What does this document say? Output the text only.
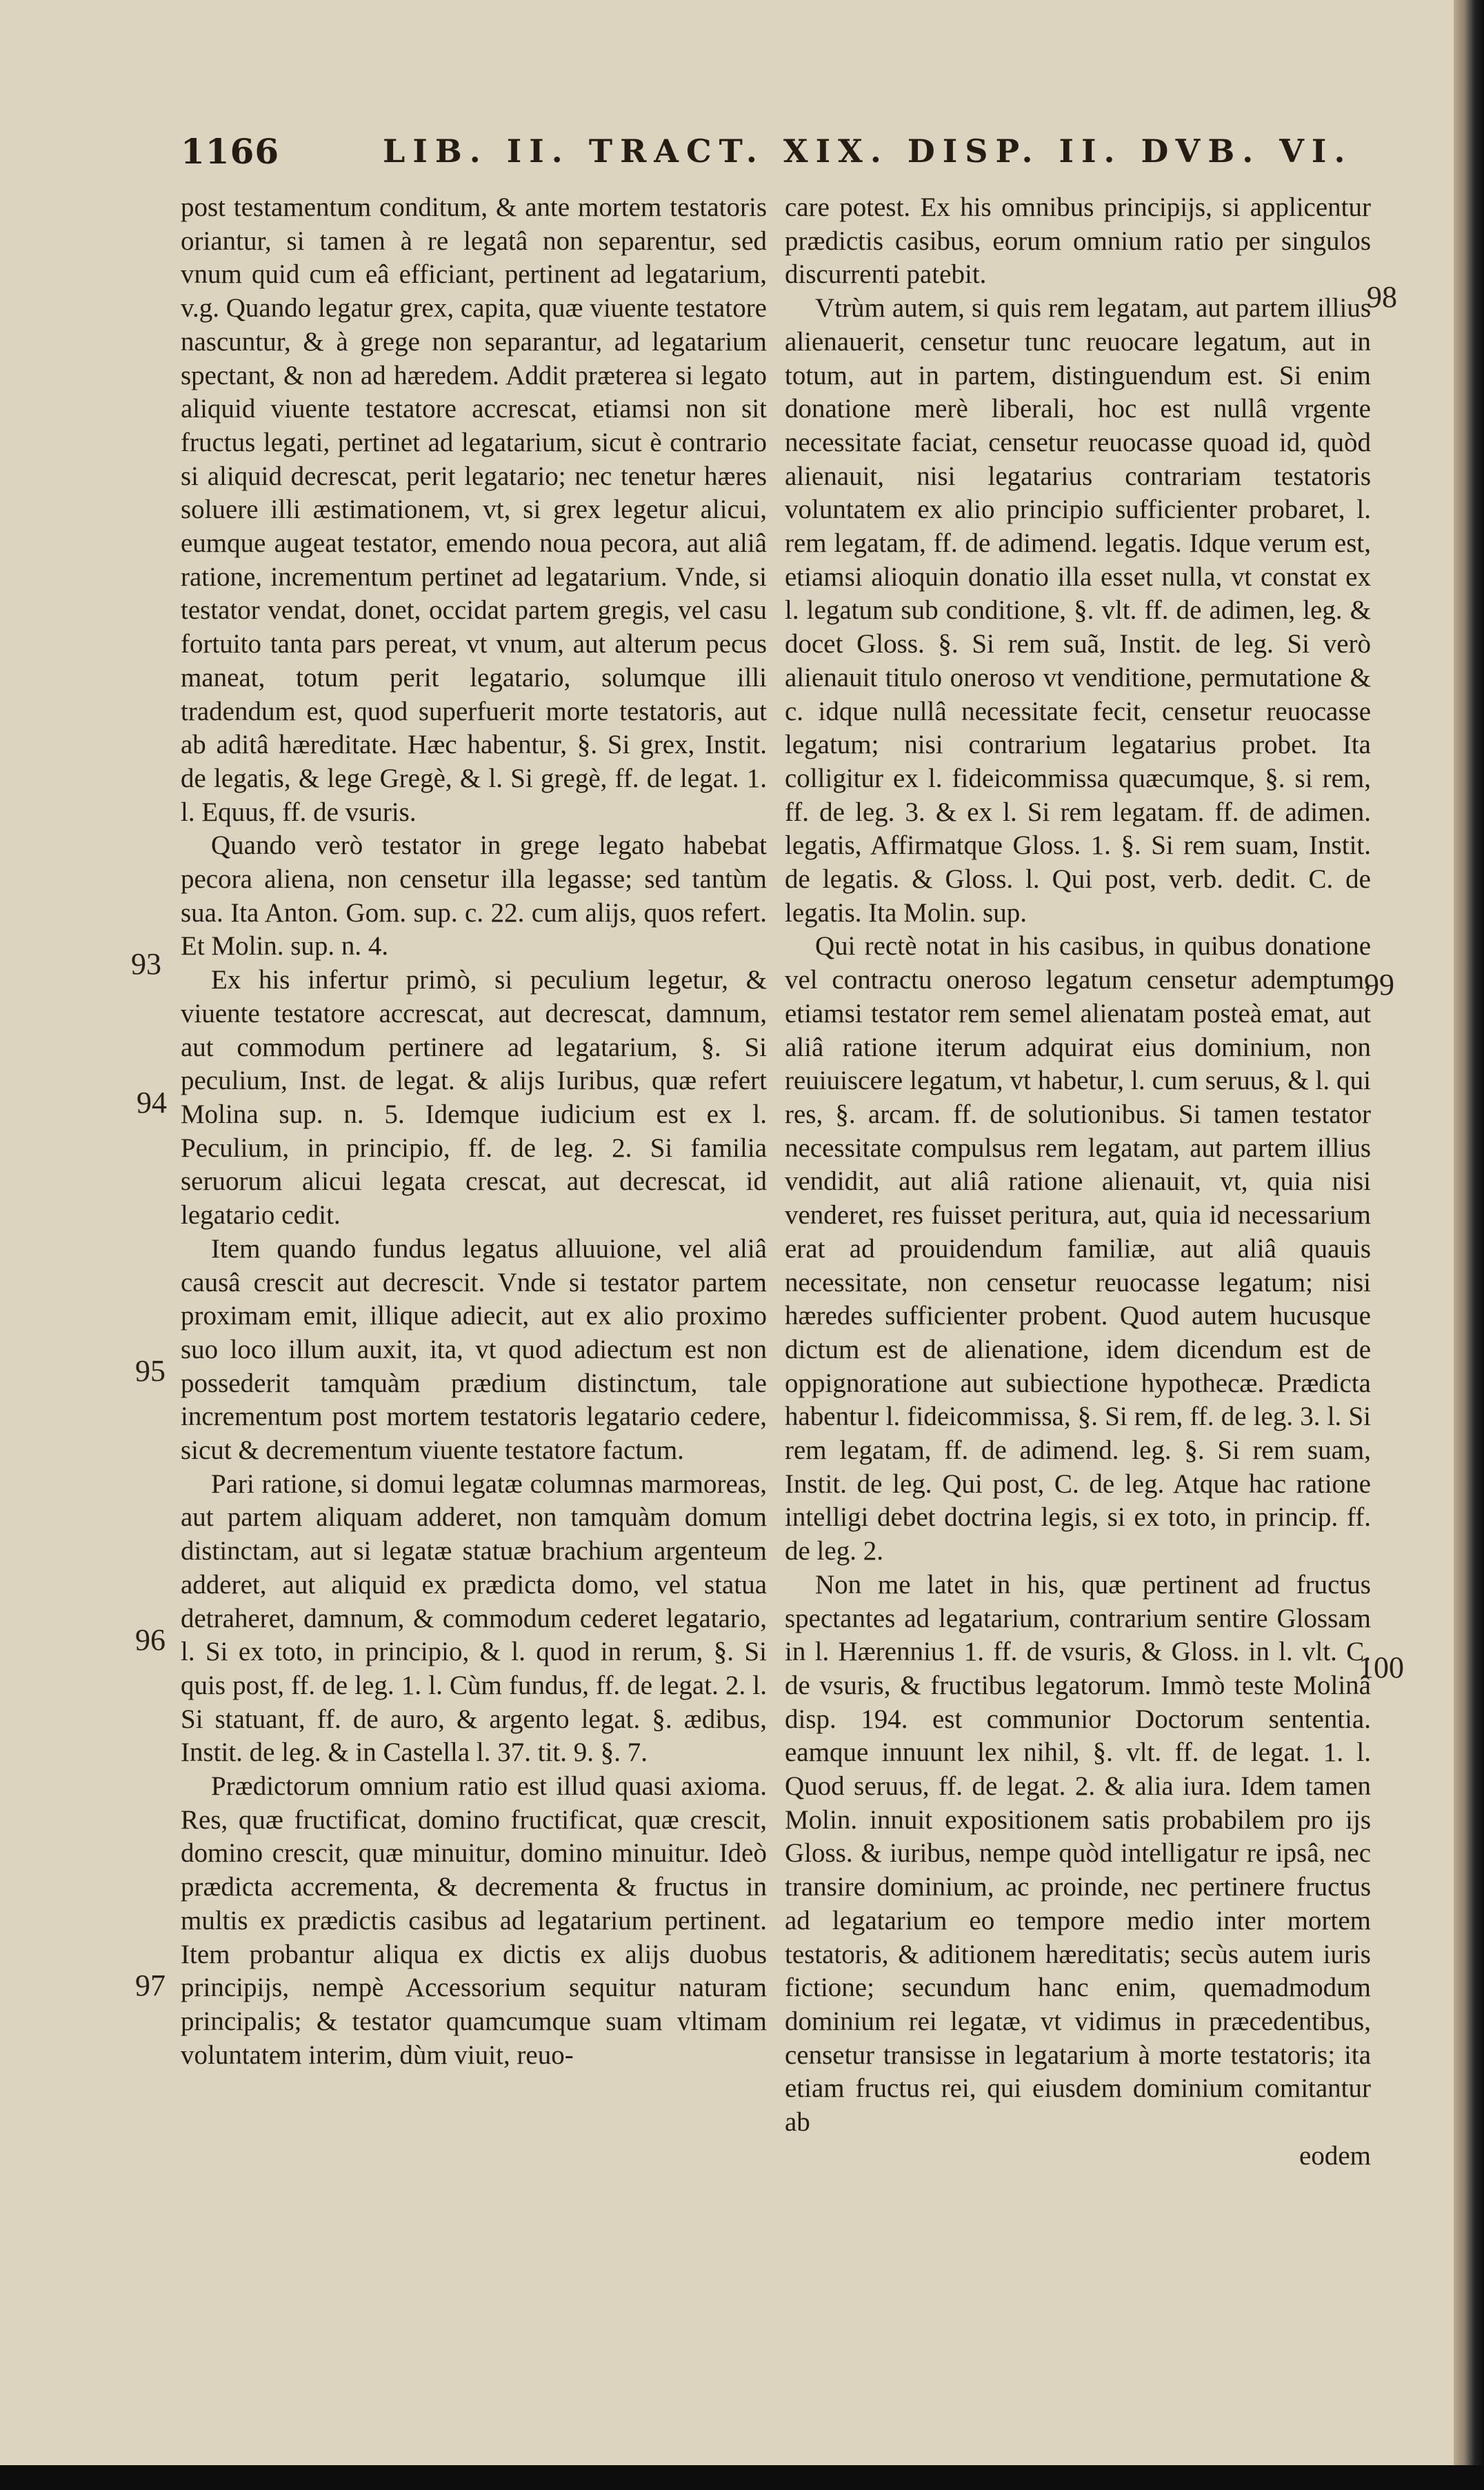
1166	LIB. II. TRACT. XIX. DISP. II. DVB. VI.

post testamentum conditum, & ante mortem testatoris oriantur, si tamen à re legatâ non separentur, sed vnum quid cum eâ efficiant, pertinent ad legatarium, v.g. Quando legatur grex, capita, quæ viuente testatore nascuntur, & à grege non separantur, ad legatarium spectant, & non ad hæredem. Addit præterea si legato aliquid viuente testatore accrescat, etiamsi non sit fructus legati, pertinet ad legatarium, sicut è contrario si aliquid decrescat, perit legatario; nec tenetur hæres soluere illi æstimationem, vt, si grex legetur alicui, eumque augeat testator, emendo noua pecora, aut aliâ ratione, incrementum pertinet ad legatarium. Vnde, si testator vendat, donet, occidat partem gregis, vel casu fortuito tanta pars pereat, vt vnum, aut alterum pecus maneat, totum perit legatario, solumque illi tradendum est, quod superfuerit morte testatoris, aut ab aditâ hæreditate. Hæc habentur, §. Si grex, Instit. de legatis, & lege Gregè, & l. Si gregè, ff. de legat. 1. l. Equus, ff. de vsuris.

Quando verò testator in grege legato habebat pecora aliena, non censetur illa legasse; sed tantùm sua. Ita Anton. Gom. sup. c. 22. cum alijs, quos refert. Et Molin. sup. n. 4.

Ex his infertur primò, si peculium legetur, & viuente testatore accrescat, aut decrescat, damnum, aut commodum pertinere ad legatarium, §. Si peculium, Inst. de legat. & alijs Iuribus, quæ refert Molina sup. n. 5. Idemque iudicium est ex l. Peculium, in principio, ff. de leg. 2. Si familia seruorum alicui legata crescat, aut decrescat, id legatario cedit.

Item quando fundus legatus alluuione, vel aliâ causâ crescit aut decrescit. Vnde si testator partem proximam emit, illique adiecit, aut ex alio proximo suo loco illum auxit, ita, vt quod adiectum est non possederit tamquàm prædium distinctum, tale incrementum post mortem testatoris legatario cedere, sicut & decrementum viuente testatore factum.

Pari ratione, si domui legatæ columnas marmoreas, aut partem aliquam adderet, non tamquàm domum distinctam, aut si legatæ statuæ brachium argenteum adderet, aut aliquid ex prædicta domo, vel statua detraheret, damnum, & commodum cederet legatario, l. Si ex toto, in principio, & l. quod in rerum, §. Si quis post, ff. de leg. 1. l. Cùm fundus, ff. de legat. 2. l. Si statuant, ff. de auro, & argento legat. §. ædibus, Instit. de leg. & in Castella l. 37. tit. 9. §. 7.

Prædictorum omnium ratio est illud quasi axioma. Res, quæ fructificat, domino fructificat, quæ crescit, domino crescit, quæ minuitur, domino minuitur. Ideò prædicta accrementa, & decrementa & fructus in multis ex prædictis casibus ad legatarium pertinent. Item probantur aliqua ex dictis ex alijs duobus principijs, nempè Accessorium sequitur naturam principalis; & testator quamcumque suam vltimam voluntatem interim, dùm viuit, reuo-

care potest. Ex his omnibus principijs, si applicentur prædictis casibus, eorum omnium ratio per singulos discurrenti patebit.

Vtrùm autem, si quis rem legatam, aut partem illius alienauerit, censetur tunc reuocare legatum, aut in totum, aut in partem, distinguendum est. Si enim donatione merè liberali, hoc est nullâ vrgente necessitate faciat, censetur reuocasse quoad id, quòd alienauit, nisi legatarius contrariam testatoris voluntatem ex alio principio sufficienter probaret, l. rem legatam, ff. de adimend. legatis. Idque verum est, etiamsi alioquin donatio illa esset nulla, vt constat ex l. legatum sub conditione, §. vlt. ff. de adimen, leg. & docet Gloss. §. Si rem suã, Instit. de leg. Si verò alienauit titulo oneroso vt venditione, permutatione & c. idque nullâ necessitate fecit, censetur reuocasse legatum; nisi contrarium legatarius probet. Ita colligitur ex l. fideicommissa quæcumque, §. si rem, ff. de leg. 3. & ex l. Si rem legatam. ff. de adimen. legatis, Affirmatque Gloss. 1. §. Si rem suam, Instit. de legatis. & Gloss. l. Qui post, verb. dedit. C. de legatis. Ita Molin. sup.

Qui rectè notat in his casibus, in quibus donatione vel contractu oneroso legatum censetur ademptum, etiamsi testator rem semel alienatam posteà emat, aut aliâ ratione iterum adquirat eius dominium, non reuiuiscere legatum, vt habetur, l. cum seruus, & l. qui res, §. arcam. ff. de solutionibus. Si tamen testator necessitate compulsus rem legatam, aut partem illius vendidit, aut aliâ ratione alienauit, vt, quia nisi venderet, res fuisset peritura, aut, quia id necessarium erat ad prouidendum familiæ, aut aliâ quauis necessitate, non censetur reuocasse legatum; nisi hæredes sufficienter probent. Quod autem hucusque dictum est de alienatione, idem dicendum est de oppignoratione aut subiectione hypothecæ. Prædicta habentur l. fideicommissa, §. Si rem, ff. de leg. 3. l. Si rem legatam, ff. de adimend. leg. §. Si rem suam, Instit. de leg. Qui post, C. de leg. Atque hac ratione intelligi debet doctrina legis, si ex toto, in princip. ff. de leg. 2.

Non me latet in his, quæ pertinent ad fructus spectantes ad legatarium, contrarium sentire Glossam in l. Hærennius 1. ff. de vsuris, & Gloss. in l. vlt. C. de vsuris, & fructibus legatorum. Immò teste Molinâ disp. 194. est communior Doctorum sententia. eamque innuunt lex nihil, §. vlt. ff. de legat. 1. l. Quod seruus, ff. de legat. 2. & alia iura. Idem tamen Molin. innuit expositionem satis probabilem pro ijs Gloss. & iuribus, nempe quòd intelligatur re ipsâ, nec transire dominium, ac proinde, nec pertinere fructus ad legatarium eo tempore medio inter mortem testatoris, & aditionem hæreditatis; secùs autem iuris fictione; secundum hanc enim, quemadmodum dominium rei legatæ, vt vidimus in præcedentibus, censetur transisse in legatarium à morte testatoris; ita etiam fructus rei, qui eiusdem dominium comitantur ab

eodem

93
94
95
96
97
98
99
100
